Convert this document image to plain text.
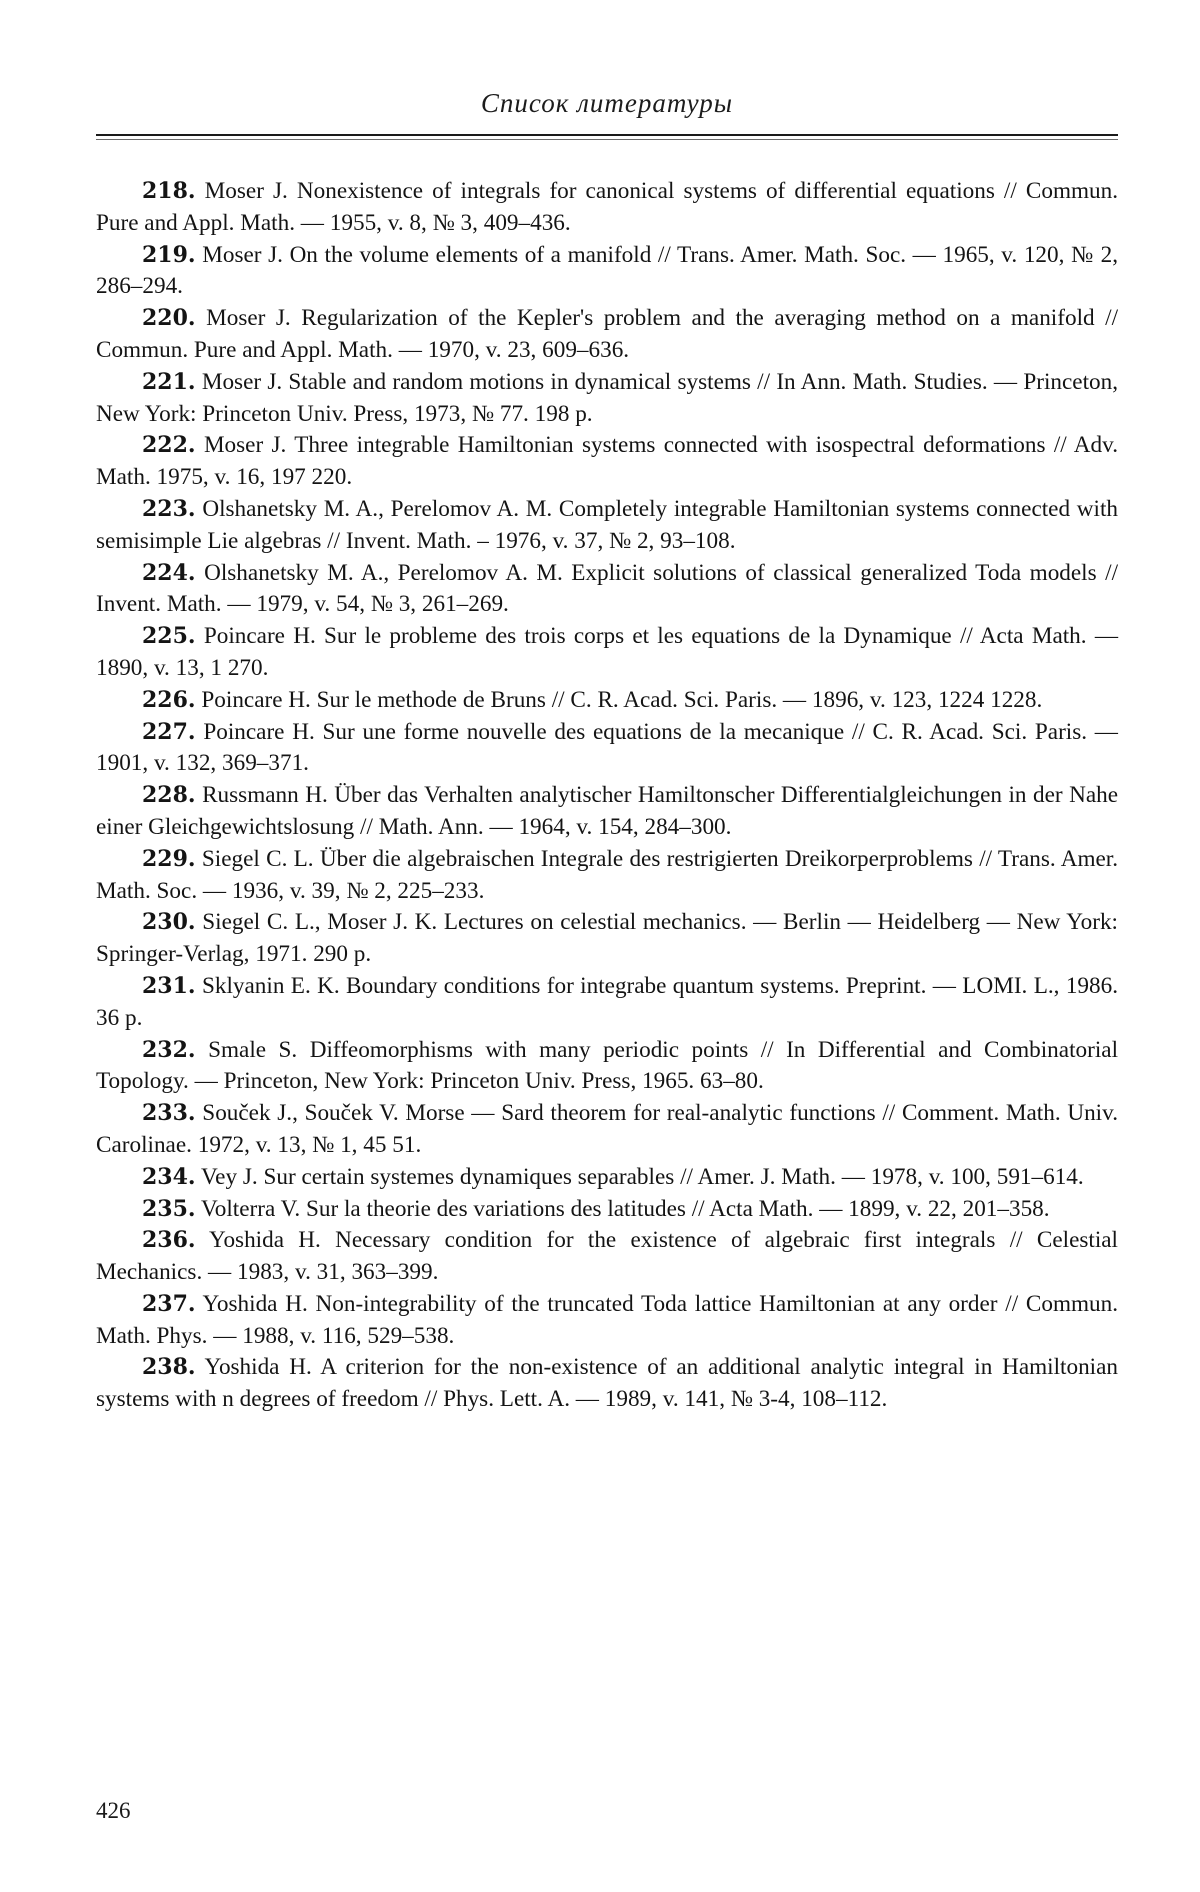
Список литературы
218. Moser J. Nonexistence of integrals for canonical systems of differential equations // Commun. Pure and Appl. Math. — 1955, v. 8, № 3, 409–436.
219. Moser J. On the volume elements of a manifold // Trans. Amer. Math. Soc. — 1965, v. 120, № 2, 286–294.
220. Moser J. Regularization of the Kepler's problem and the averaging method on a manifold // Commun. Pure and Appl. Math. — 1970, v. 23, 609–636.
221. Moser J. Stable and random motions in dynamical systems // In Ann. Math. Studies. — Princeton, New York: Princeton Univ. Press, 1973, № 77. 198 p.
222. Moser J. Three integrable Hamiltonian systems connected with isospectral deformations // Adv. Math. 1975, v. 16, 197 220.
223. Olshanetsky M. A., Perelomov A. M. Completely integrable Hamiltonian systems connected with semisimple Lie algebras // Invent. Math. – 1976, v. 37, № 2, 93–108.
224. Olshanetsky M. A., Perelomov A. M. Explicit solutions of classical generalized Toda models // Invent. Math. — 1979, v. 54, № 3, 261–269.
225. Poincare H. Sur le probleme des trois corps et les equations de la Dynamique // Acta Math. — 1890, v. 13, 1 270.
226. Poincare H. Sur le methode de Bruns // C. R. Acad. Sci. Paris. — 1896, v. 123, 1224 1228.
227. Poincare H. Sur une forme nouvelle des equations de la mecanique // C. R. Acad. Sci. Paris. — 1901, v. 132, 369–371.
228. Russmann H. Über das Verhalten analytischer Hamiltonscher Differentialgleichungen in der Nahe einer Gleichgewichtslosung // Math. Ann. — 1964, v. 154, 284–300.
229. Siegel C. L. Über die algebraischen Integrale des restrigierten Dreikorperproblems // Trans. Amer. Math. Soc. — 1936, v. 39, № 2, 225–233.
230. Siegel C. L., Moser J. K. Lectures on celestial mechanics. — Berlin — Heidelberg — New York: Springer-Verlag, 1971. 290 p.
231. Sklyanin E. K. Boundary conditions for integrabe quantum systems. Preprint. — LOMI. L., 1986. 36 p.
232. Smale S. Diffeomorphisms with many periodic points // In Differential and Combinatorial Topology. — Princeton, New York: Princeton Univ. Press, 1965. 63–80.
233. Souček J., Souček V. Morse — Sard theorem for real-analytic functions // Comment. Math. Univ. Carolinae. 1972, v. 13, № 1, 45 51.
234. Vey J. Sur certain systemes dynamiques separables // Amer. J. Math. — 1978, v. 100, 591–614.
235. Volterra V. Sur la theorie des variations des latitudes // Acta Math. — 1899, v. 22, 201–358.
236. Yoshida H. Necessary condition for the existence of algebraic first integrals // Celestial Mechanics. — 1983, v. 31, 363–399.
237. Yoshida H. Non-integrability of the truncated Toda lattice Hamiltonian at any order // Commun. Math. Phys. — 1988, v. 116, 529–538.
238. Yoshida H. A criterion for the non-existence of an additional analytic integral in Hamiltonian systems with n degrees of freedom // Phys. Lett. A. — 1989, v. 141, № 3-4, 108–112.
426
